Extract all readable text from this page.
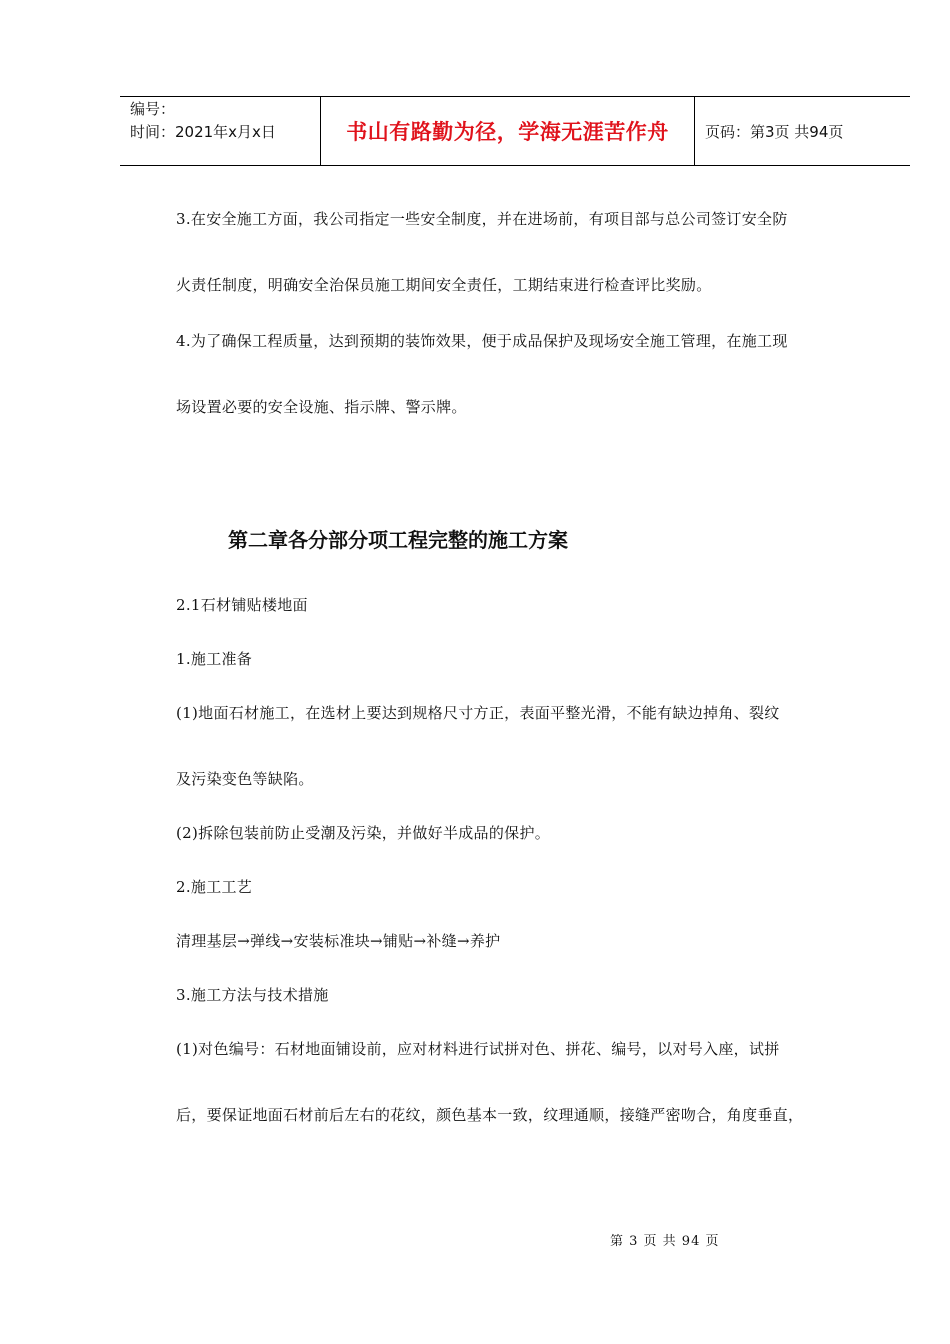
编号：
时间：2021年x月x日	书山有路勤为径，学海无涯苦作舟 页码：第3页 共94页
3.在安全施工方面，我公司指定一些安全制度，并在进场前，有项目部与总公司签订安全防
火责任制度，明确安全治保员施工期间安全责任，工期结束进行检查评比奖励。
4.为了确保工程质量，达到预期的装饰效果，便于成品保护及现场安全施工管理，在施工现
场设置必要的安全设施、指示牌、警示牌。
第二章各分部分项工程完整的施工方案
2.1石材铺贴楼地面
1.施工准备
(1)地面石材施工，在选材上要达到规格尺寸方正，表面平整光滑，不能有缺边掉角、裂纹
及污染变色等缺陷。
(2)拆除包装前防止受潮及污染，并做好半成品的保护。
2.施工工艺
清理基层→弹线→安装标准块→铺贴→补缝→养护
3.施工方法与技术措施
(1)对色编号：石材地面铺设前，应对材料进行试拼对色、拼花、编号，以对号入座，试拼
后，要保证地面石材前后左右的花纹，颜色基本一致，纹理通顺，接缝严密吻合，角度垂直，
第 3 页 共 94 页
